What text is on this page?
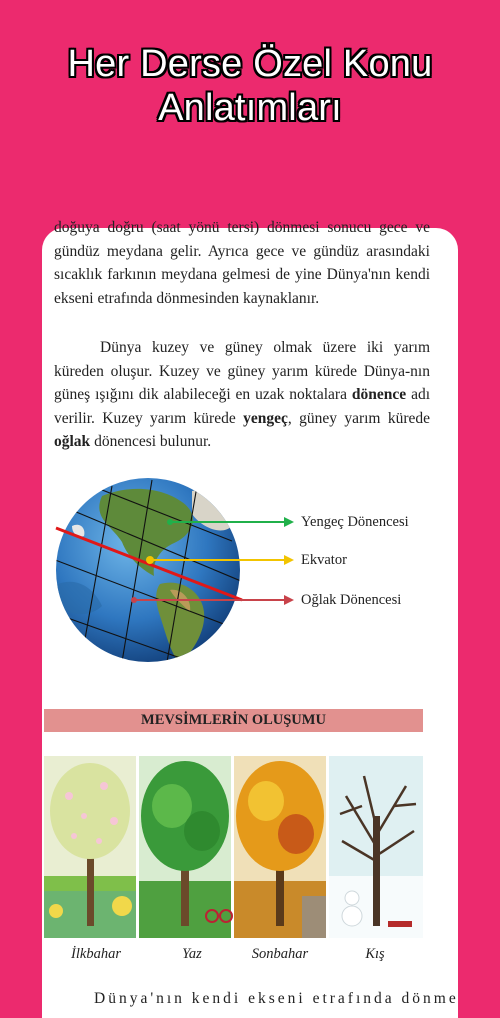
Her Derse Özel Konu
Anlatımları
doğuya doğru (saat yönü tersi) dönmesi sonucu gece ve gündüz meydana gelir. Ayrıca gece ve gündüz arasındaki sıcaklık farkının meydana gelmesi de yine Dünya'nın kendi ekseni etrafında dönmesinden kaynaklanır.
Dünya kuzey ve güney olmak üzere iki yarım küreden oluşur. Kuzey ve güney yarım kürede Dünya-nın güneş ışığını dik alabileceği en uzak noktalara dönence adı verilir. Kuzey yarım kürede yengeç, güney yarım kürede oğlak dönencesi bulunur.
Yengeç Dönencesi
Ekvator
Oğlak Dönencesi
MEVSİMLERİN OLUŞUMU
İlkbahar	Yaz	Sonbahar	Kış
Dünya'nın kendi ekseni etrafında dönme
